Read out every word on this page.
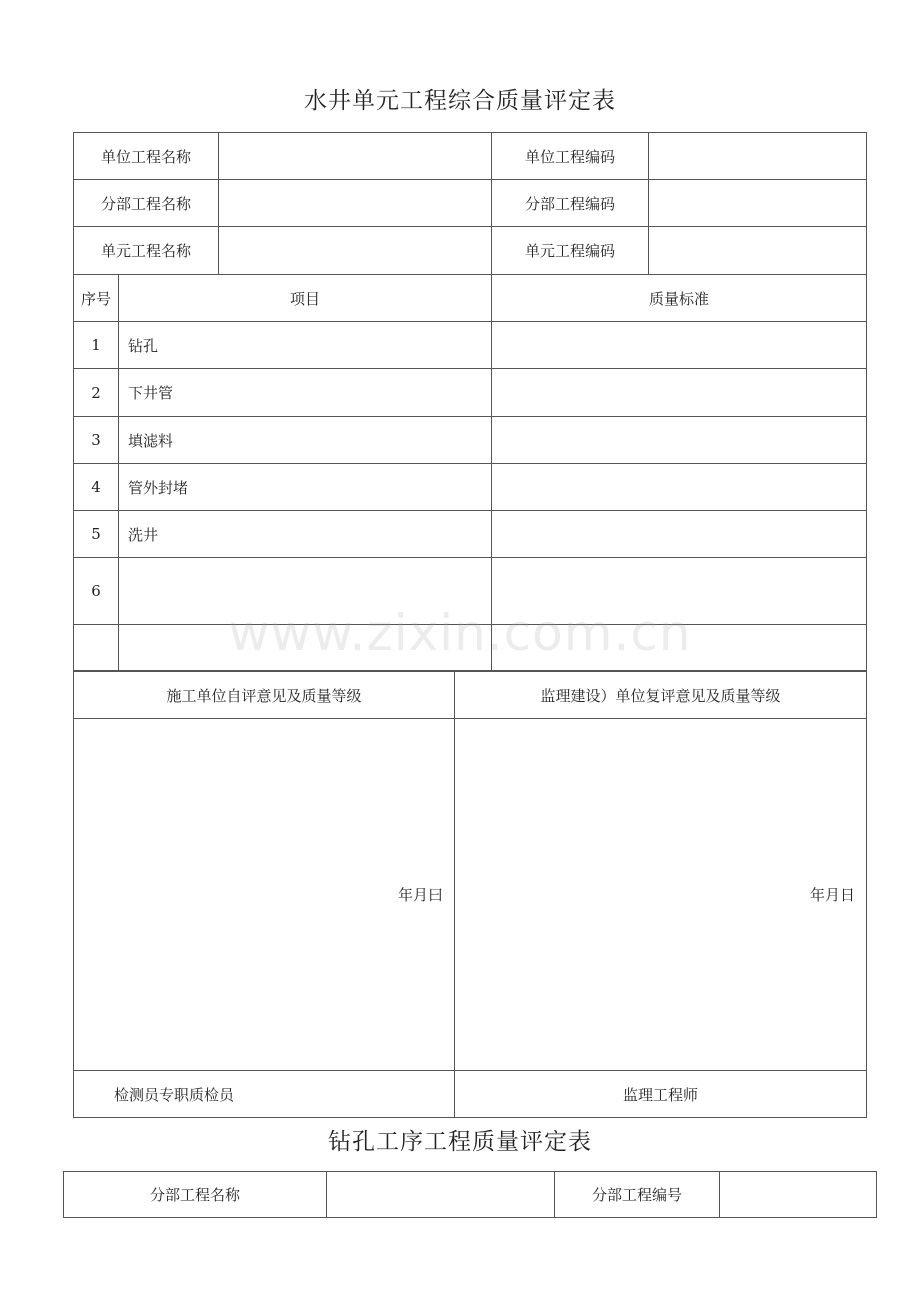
水井单元工程综合质量评定表
单位工程名称			单位工程编码	
分部工程名称			分部工程编码	
单元工程名称			单元工程编码	
序号	项目		质量标准	
1	钻孔			
2	下井管			
3	填滤料			
4	管外封堵			
5	洗井			
6				

施工单位自评意见及质量等级	监理建设）单位复评意见及质量等级
年月曰	年月日
检测员专职质检员	监理工程师
钻孔工序工程质量评定表
分部工程名称		分部工程编号	
www.zixin.com.cn
